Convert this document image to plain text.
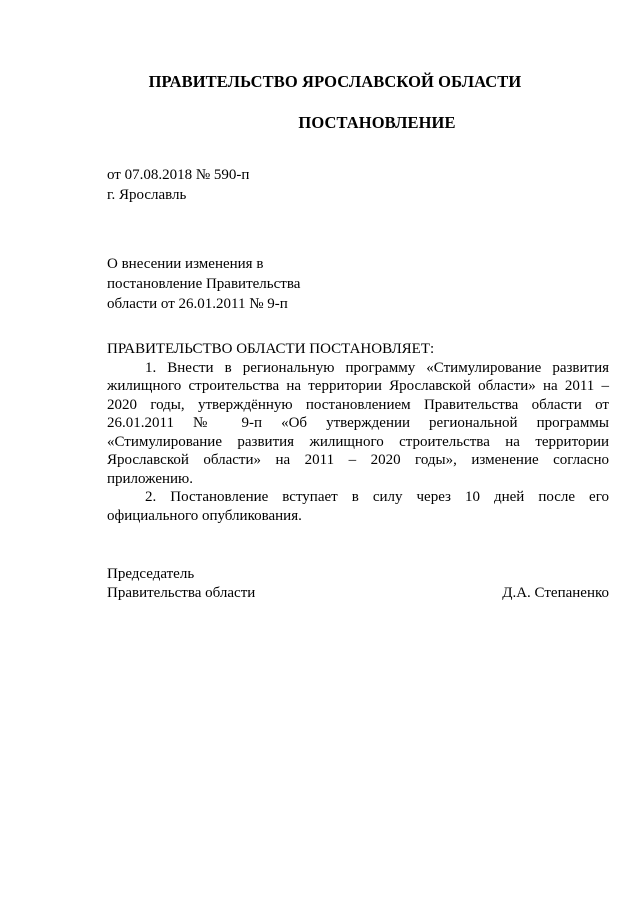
ПРАВИТЕЛЬСТВО ЯРОСЛАВСКОЙ ОБЛАСТИ
ПОСТАНОВЛЕНИЕ
от 07.08.2018 № 590-п
г. Ярославль
О внесении изменения в
постановление Правительства
области от 26.01.2011 № 9-п

ПРАВИТЕЛЬСТВО ОБЛАСТИ ПОСТАНОВЛЯЕТ:

1. Внести в региональную программу «Стимулирование развития жилищного строительства на территории Ярославской области» на 2011 – 2020 годы, утверждённую постановлением Правительства области от 26.01.2011 № 9-п «Об утверждении региональной программы «Стимулирование развития жилищного строительства на территории Ярославской области» на 2011 – 2020 годы», изменение согласно приложению.

2. Постановление вступает в силу через 10 дней после его официального опубликования.

Председатель
Правительства области	Д.А. Степаненко
